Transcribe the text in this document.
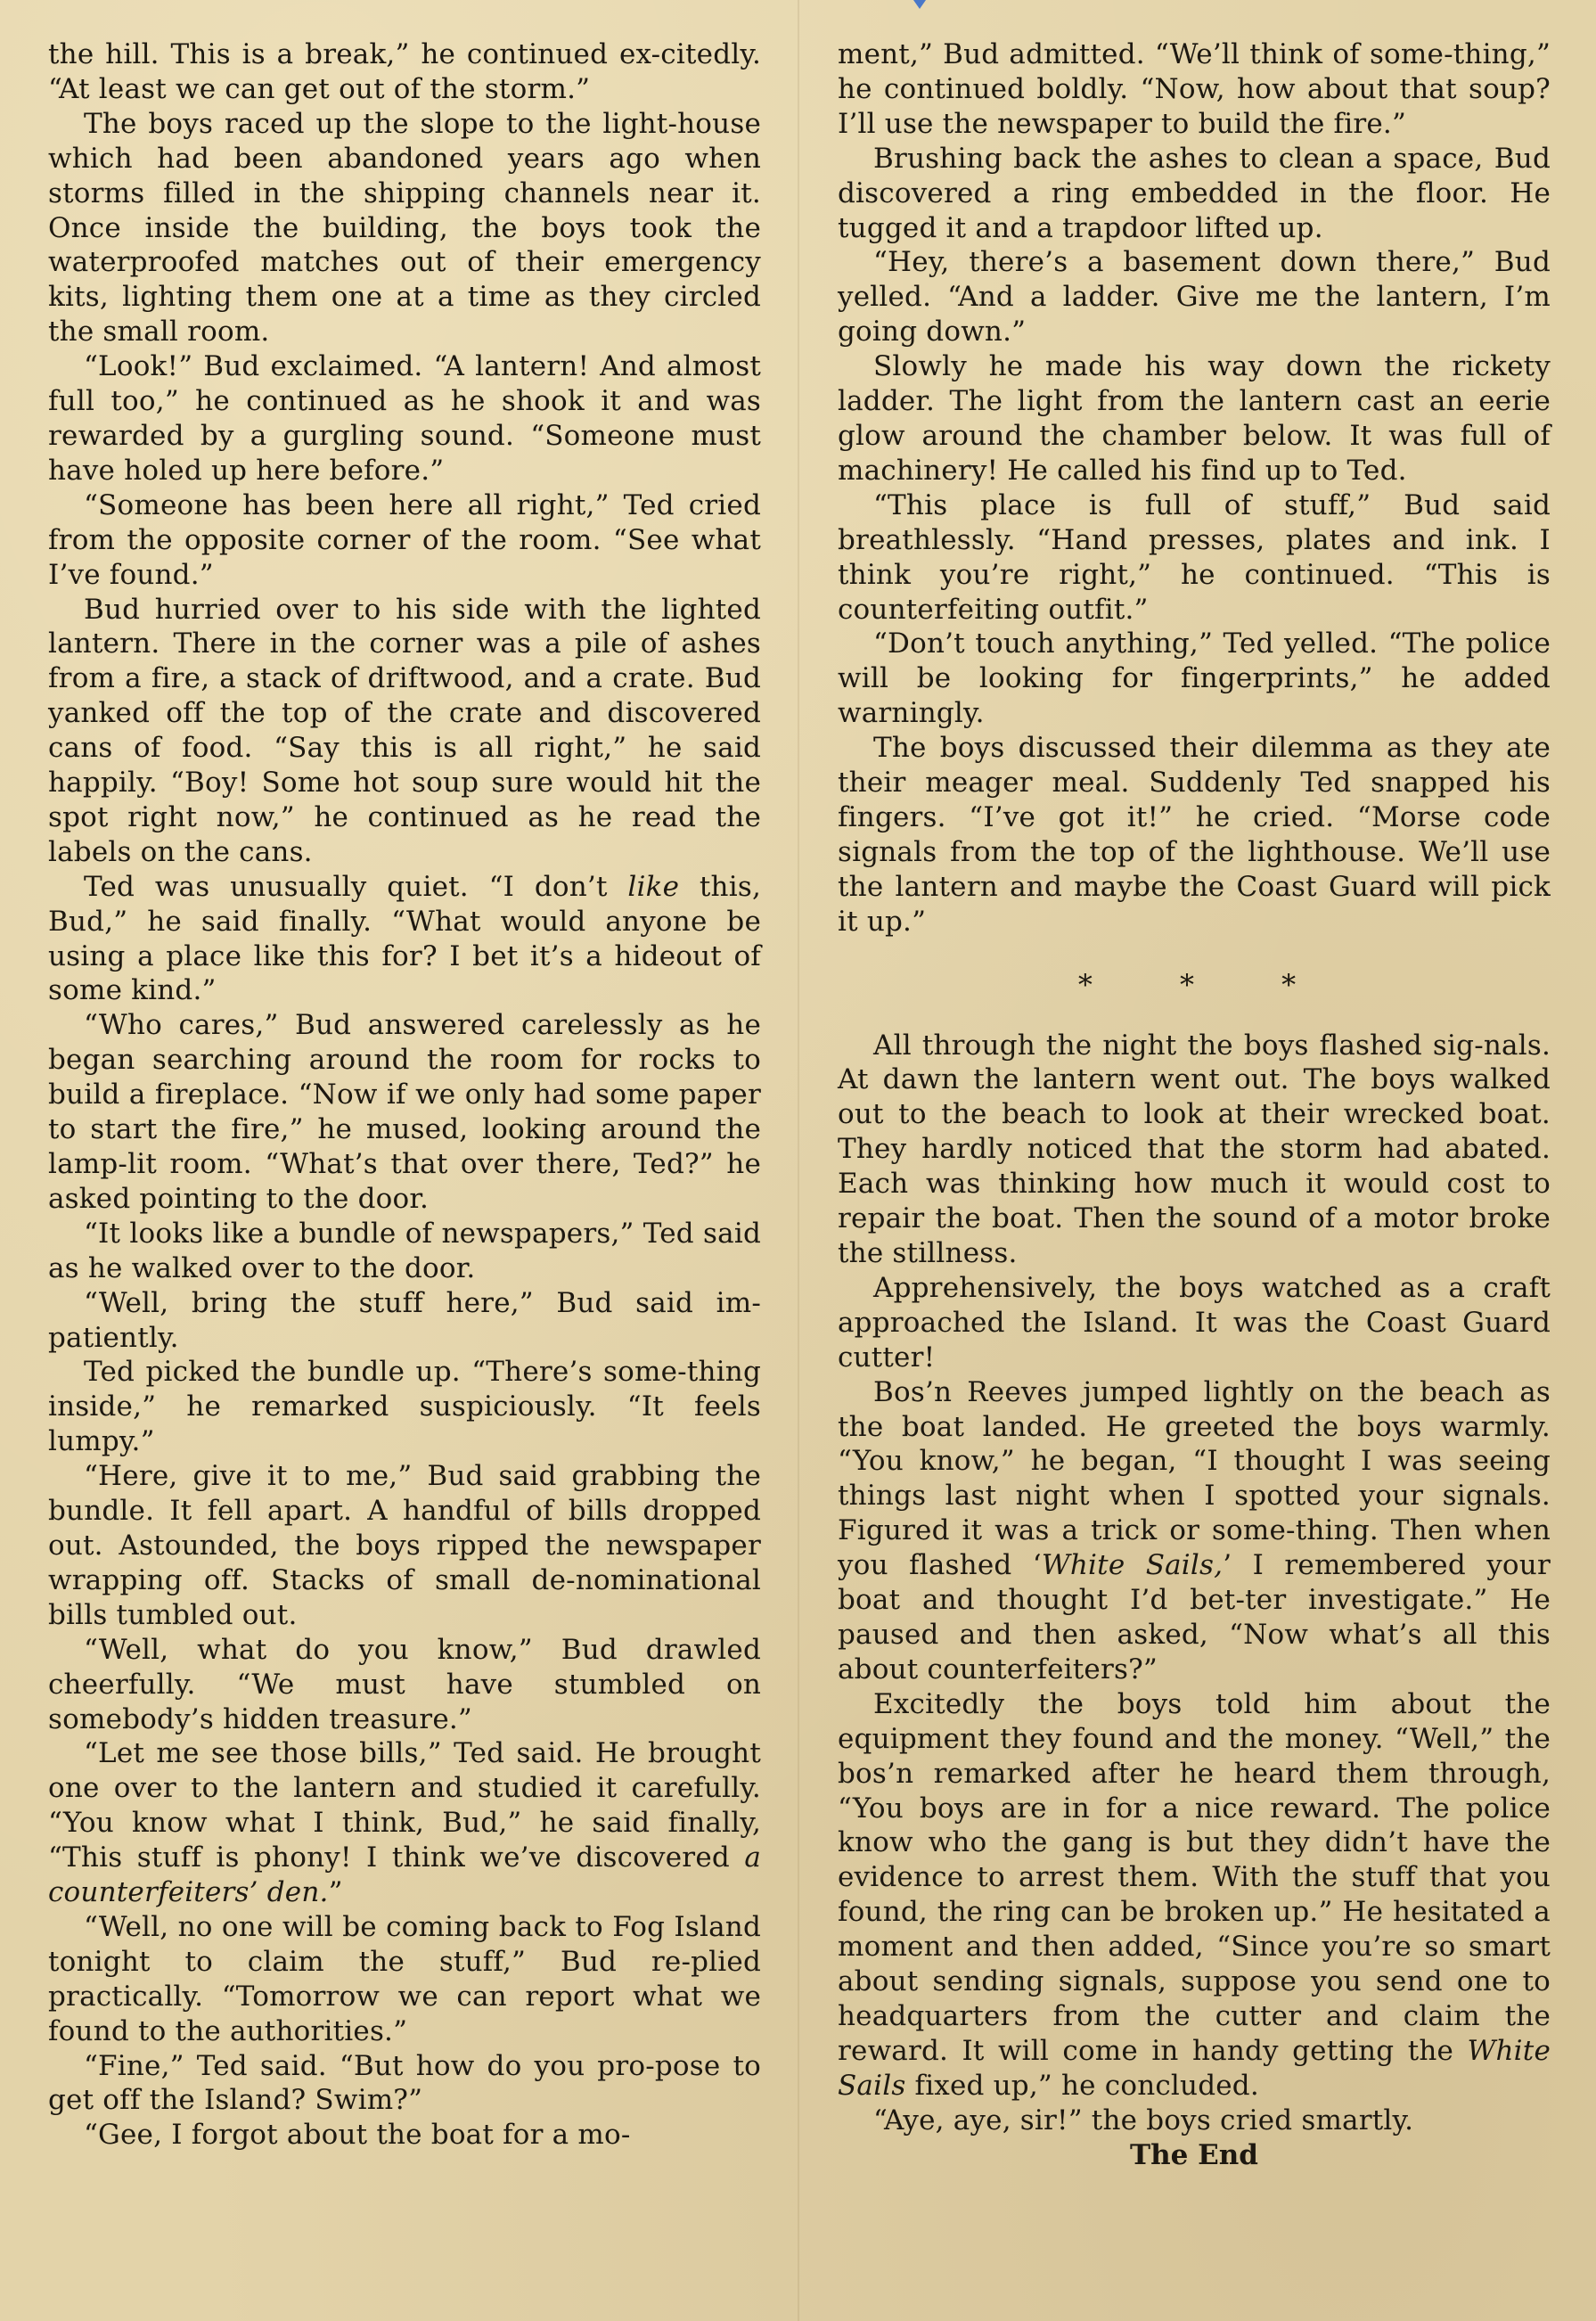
the hill. This is a break,” he continued ex-citedly. “At least we can get out of the storm.”

The boys raced up the slope to the light-house which had been abandoned years ago when storms filled in the shipping channels near it. Once inside the building, the boys took the waterproofed matches out of their emergency kits, lighting them one at a time as they circled the small room.

“Look!” Bud exclaimed. “A lantern! And almost full too,” he continued as he shook it and was rewarded by a gurgling sound. “Someone must have holed up here before.”

“Someone has been here all right,” Ted cried from the opposite corner of the room. “See what I’ve found.”

Bud hurried over to his side with the lighted lantern. There in the corner was a pile of ashes from a fire, a stack of driftwood, and a crate. Bud yanked off the top of the crate and discovered cans of food. “Say this is all right,” he said happily. “Boy! Some hot soup sure would hit the spot right now,” he continued as he read the labels on the cans.

Ted was unusually quiet. “I don’t like this, Bud,” he said finally. “What would anyone be using a place like this for? I bet it’s a hideout of some kind.”

“Who cares,” Bud answered carelessly as he began searching around the room for rocks to build a fireplace. “Now if we only had some paper to start the fire,” he mused, looking around the lamp-lit room. “What’s that over there, Ted?” he asked pointing to the door.

“It looks like a bundle of newspapers,” Ted said as he walked over to the door.

“Well, bring the stuff here,” Bud said im-patiently.

Ted picked the bundle up. “There’s some-thing inside,” he remarked suspiciously. “It feels lumpy.”

“Here, give it to me,” Bud said grabbing the bundle. It fell apart. A handful of bills dropped out. Astounded, the boys ripped the newspaper wrapping off. Stacks of small de-nominational bills tumbled out.

“Well, what do you know,” Bud drawled cheerfully. “We must have stumbled on somebody’s hidden treasure.”

“Let me see those bills,” Ted said. He brought one over to the lantern and studied it carefully. “You know what I think, Bud,” he said finally, “This stuff is phony! I think we’ve discovered a counterfeiters’ den.”

“Well, no one will be coming back to Fog Island tonight to claim the stuff,” Bud re-plied practically. “Tomorrow we can report what we found to the authorities.”

“Fine,” Ted said. “But how do you pro-pose to get off the Island? Swim?”

“Gee, I forgot about the boat for a mo-

ment,” Bud admitted. “We’ll think of some-thing,” he continued boldly. “Now, how about that soup? I’ll use the newspaper to build the fire.”

Brushing back the ashes to clean a space, Bud discovered a ring embedded in the floor. He tugged it and a trapdoor lifted up.

“Hey, there’s a basement down there,” Bud yelled. “And a ladder. Give me the lantern, I’m going down.”

Slowly he made his way down the rickety ladder. The light from the lantern cast an eerie glow around the chamber below. It was full of machinery! He called his find up to Ted.

“This place is full of stuff,” Bud said breathlessly. “Hand presses, plates and ink. I think you’re right,” he continued. “This is counterfeiting outfit.”

“Don’t touch anything,” Ted yelled. “The police will be looking for fingerprints,” he added warningly.

The boys discussed their dilemma as they ate their meager meal. Suddenly Ted snapped his fingers. “I’ve got it!” he cried. “Morse code signals from the top of the lighthouse. We’ll use the lantern and maybe the Coast Guard will pick it up.”

* * *

All through the night the boys flashed sig-nals. At dawn the lantern went out. The boys walked out to the beach to look at their wrecked boat. They hardly noticed that the storm had abated. Each was thinking how much it would cost to repair the boat. Then the sound of a motor broke the stillness.

Apprehensively, the boys watched as a craft approached the Island. It was the Coast Guard cutter!

Bos’n Reeves jumped lightly on the beach as the boat landed. He greeted the boys warmly. “You know,” he began, “I thought I was seeing things last night when I spotted your signals. Figured it was a trick or some-thing. Then when you flashed ‘White Sails,’ I remembered your boat and thought I’d bet-ter investigate.” He paused and then asked, “Now what’s all this about counterfeiters?”

Excitedly the boys told him about the equipment they found and the money. “Well,” the bos’n remarked after he heard them through, “You boys are in for a nice reward. The police know who the gang is but they didn’t have the evidence to arrest them. With the stuff that you found, the ring can be broken up.” He hesitated a moment and then added, “Since you’re so smart about sending signals, suppose you send one to headquarters from the cutter and claim the reward. It will come in handy getting the White Sails fixed up,” he concluded.

“Aye, aye, sir!” the boys cried smartly.

The End
